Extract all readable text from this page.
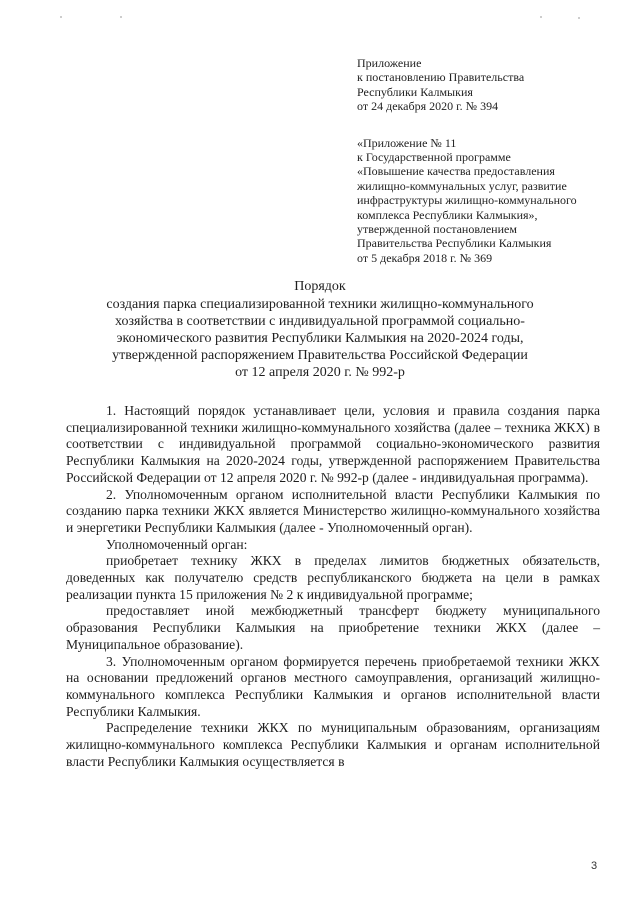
Приложение
к постановлению Правительства
Республики Калмыкия
от 24 декабря 2020 г. № 394
«Приложение № 11
к Государственной программе
«Повышение качества предоставления
жилищно-коммунальных услуг, развитие
инфраструктуры жилищно-коммунального
комплекса Республики Калмыкия»,
утвержденной постановлением
Правительства Республики Калмыкия
от 5 декабря 2018 г. № 369
Порядок
создания парка специализированной техники жилищно-коммунального
хозяйства в соответствии с индивидуальной программой социально-
экономического развития Республики Калмыкия на 2020-2024 годы,
утвержденной распоряжением Правительства Российской Федерации
от 12 апреля 2020 г. № 992-р

1. Настоящий порядок устанавливает цели, условия и правила создания парка специализированной техники жилищно-коммунального хозяйства (далее – техника ЖКХ) в соответствии с индивидуальной программой социально-экономического развития Республики Калмыкия на 2020-2024 годы, утвержденной распоряжением Правительства Российской Федерации от 12 апреля 2020 г. № 992-р (далее - индивидуальная программа).

2. Уполномоченным органом исполнительной власти Республики Калмыкия по созданию парка техники ЖКХ является Министерство жилищно-коммунального хозяйства и энергетики Республики Калмыкия (далее - Уполномоченный орган).

Уполномоченный орган:

приобретает технику ЖКХ в пределах лимитов бюджетных обязательств, доведенных как получателю средств республиканского бюджета на цели в рамках реализации пункта 15 приложения № 2 к индивидуальной программе;

предоставляет иной межбюджетный трансферт бюджету муниципального образования Республики Калмыкия на приобретение техники ЖКХ (далее – Муниципальное образование).

3. Уполномоченным органом формируется перечень приобретаемой техники ЖКХ на основании предложений органов местного самоуправления, организаций жилищно-коммунального комплекса Республики Калмыкия и органов исполнительной власти Республики Калмыкия.

Распределение техники ЖКХ по муниципальным образованиям, организациям жилищно-коммунального комплекса Республики Калмыкия и органам исполнительной власти Республики Калмыкия осуществляется в

3
